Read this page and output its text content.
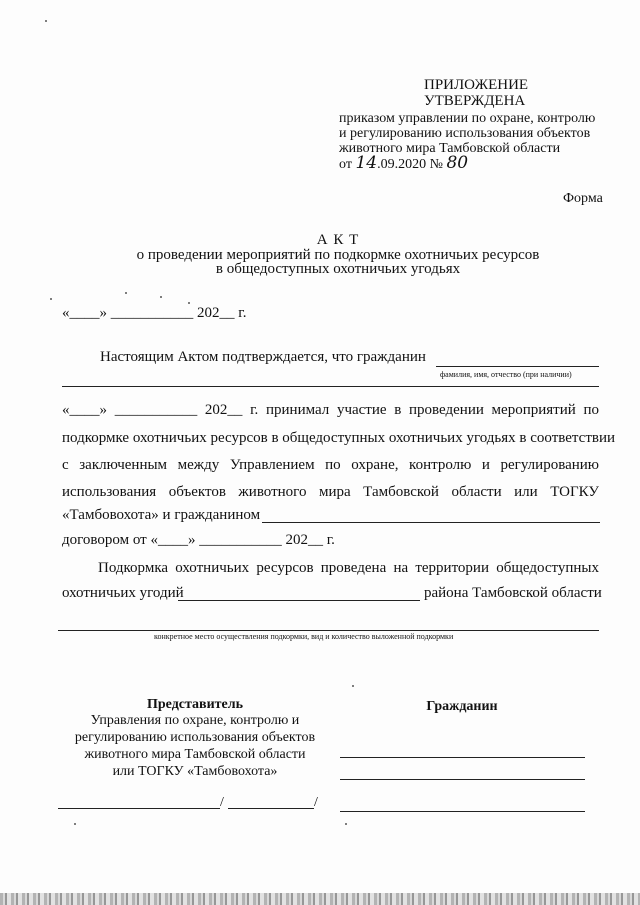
ПРИЛОЖЕНИЕ
УТВЕРЖДЕНА
приказом управлении по охране, контролю
и регулированию использования объектов
животного мира Тамбовской области
от 14.09.2020 № 80
Форма
А К Т
о проведении мероприятий по подкормке охотничьих ресурсов
в общедоступных охотничьих угодьях
«____» ___________ 202__ г.
Настоящим Актом подтверждается, что гражданин
фамилия, имя, отчество (при наличии)
«____» ___________ 202__ г. принимал участие в проведении мероприятий по
подкормке охотничьих ресурсов в общедоступных охотничьих угодьях в соответствии
с заключенным между Управлением по охране, контролю и регулированию
использования объектов животного мира Тамбовской области или ТОГКУ
«Тамбовохота» и гражданином
договором от «____» ___________ 202__ г.
Подкормка охотничьих ресурсов проведена на территории общедоступных
охотничьих угодий	района Тамбовской области
конкретное место осуществления подкормки, вид и количество выложенной подкормки
Представитель
Управления по охране, контролю и
регулированию использования объектов
животного мира Тамбовской области
или ТОГКУ «Тамбовохота»
/	/
Гражданин
